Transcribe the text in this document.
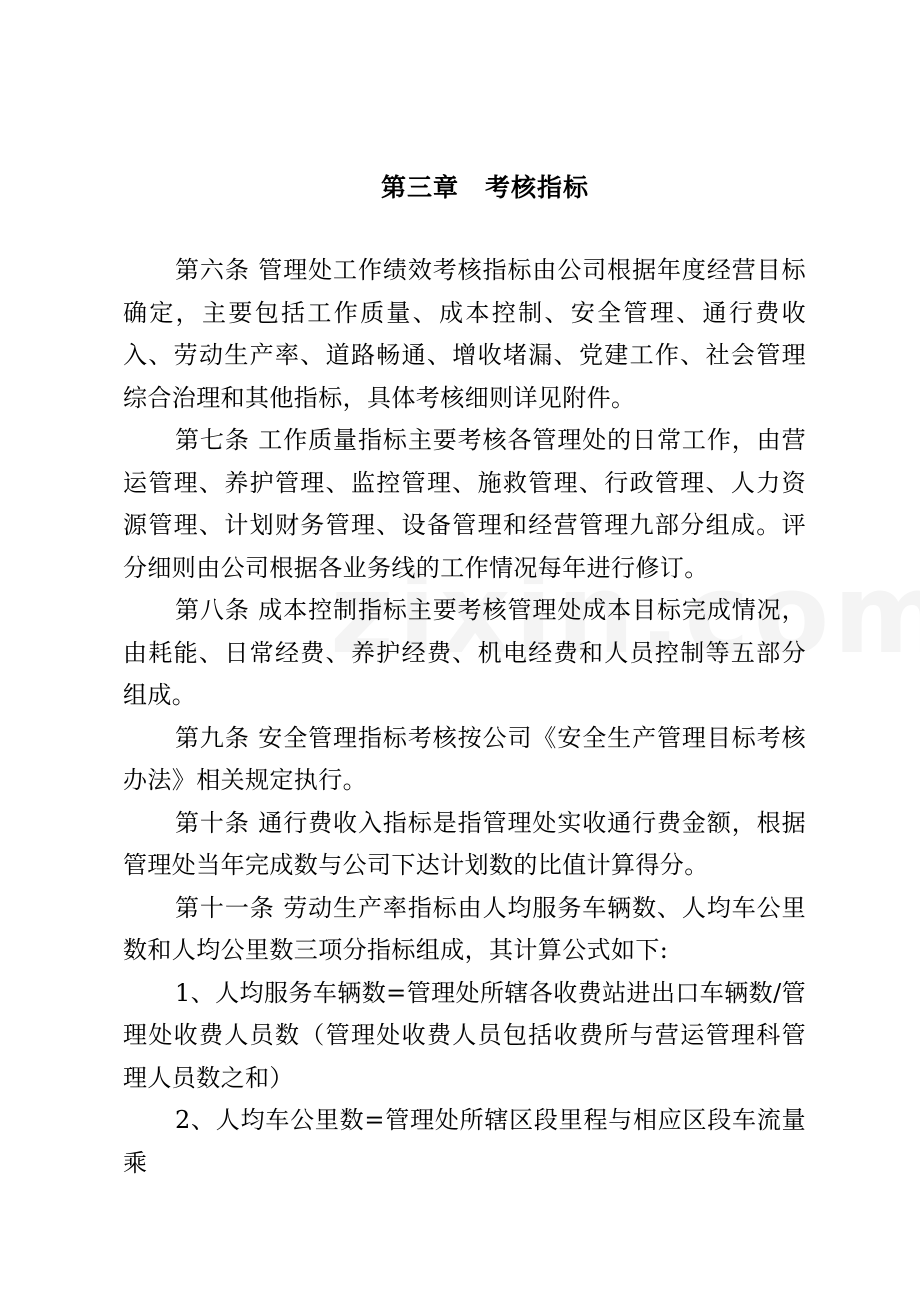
第三章 考核指标

第六条 管理处工作绩效考核指标由公司根据年度经营目标确定，主要包括工作质量、成本控制、安全管理、通行费收入、劳动生产率、道路畅通、增收堵漏、党建工作、社会管理综合治理和其他指标，具体考核细则详见附件。

第七条 工作质量指标主要考核各管理处的日常工作，由营运管理、养护管理、监控管理、施救管理、行政管理、人力资源管理、计划财务管理、设备管理和经营管理九部分组成。评分细则由公司根据各业务线的工作情况每年进行修订。

第八条 成本控制指标主要考核管理处成本目标完成情况，由耗能、日常经费、养护经费、机电经费和人员控制等五部分组成。

第九条 安全管理指标考核按公司《安全生产管理目标考核办法》相关规定执行。

第十条 通行费收入指标是指管理处实收通行费金额，根据管理处当年完成数与公司下达计划数的比值计算得分。

第十一条 劳动生产率指标由人均服务车辆数、人均车公里数和人均公里数三项分指标组成，其计算公式如下:

1、人均服务车辆数=管理处所辖各收费站进出口车辆数/管理处收费人员数（管理处收费人员包括收费所与营运管理科管理人员数之和）

2、人均车公里数=管理处所辖区段里程与相应区段车流量乘
